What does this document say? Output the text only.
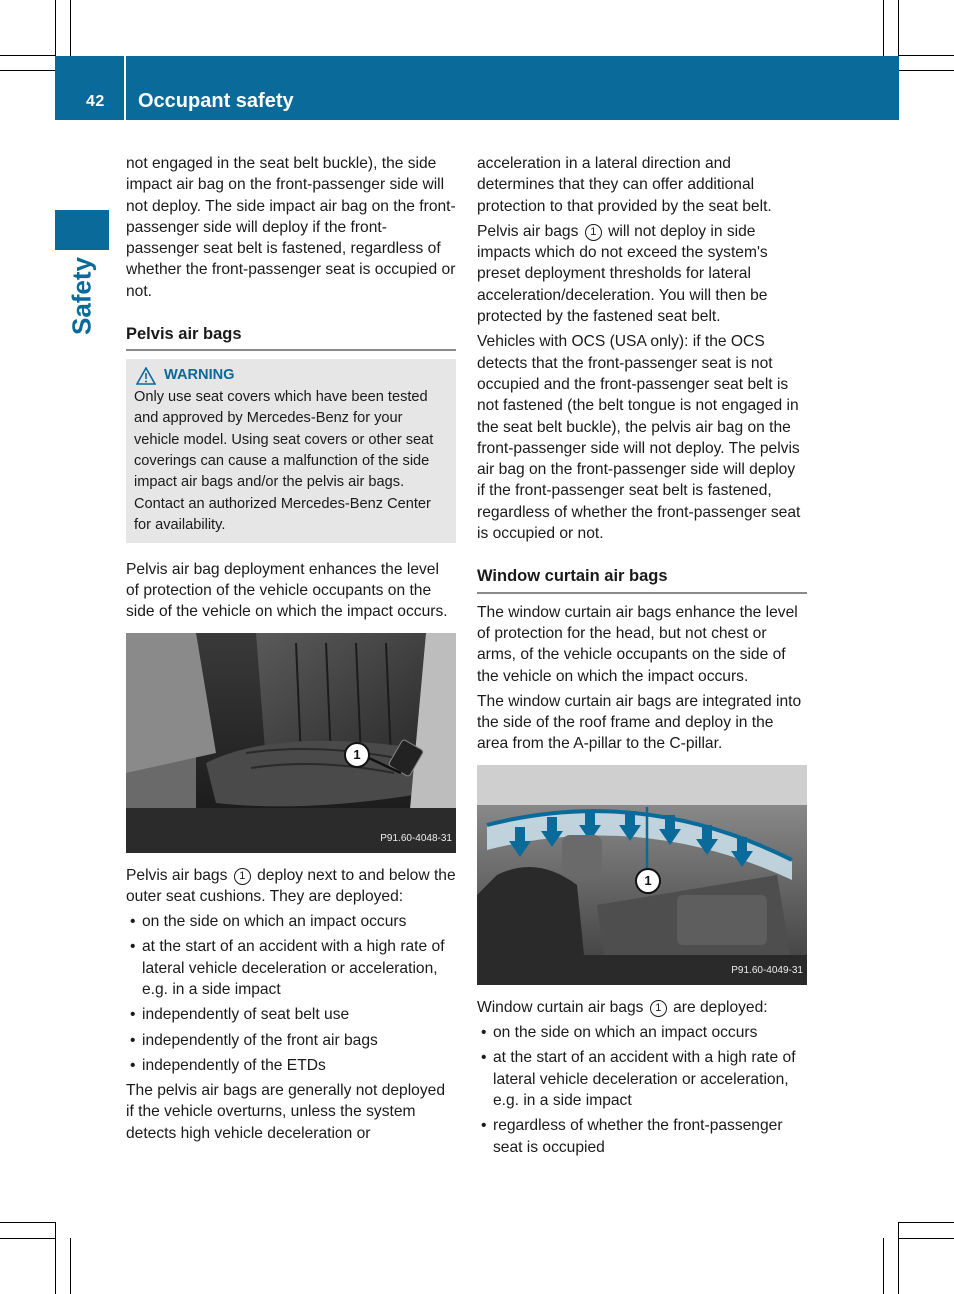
42 Occupant safety
Safety

not engaged in the seat belt buckle), the side impact air bag on the front-passenger side will not deploy. The side impact air bag on the front-passenger side will deploy if the front-passenger seat belt is fastened, regardless of whether the front-passenger seat is occupied or not.

Pelvis air bags
WARNING
Only use seat covers which have been tested and approved by Mercedes-Benz for your vehicle model. Using seat covers or other seat coverings can cause a malfunction of the side impact air bags and/or the pelvis air bags. Contact an authorized Mercedes-Benz Center for availability.

Pelvis air bag deployment enhances the level of protection of the vehicle occupants on the side of the vehicle on which the impact occurs.

1
P91.60-4048-31

Pelvis air bags 1 deploy next to and below the outer seat cushions. They are deployed:

• on the side on which an impact occurs
• at the start of an accident with a high rate of lateral vehicle deceleration or acceleration, e.g. in a side impact
• independently of seat belt use
• independently of the front air bags
• independently of the ETDs

The pelvis air bags are generally not deployed if the vehicle overturns, unless the system detects high vehicle deceleration or

acceleration in a lateral direction and determines that they can offer additional protection to that provided by the seat belt.

Pelvis air bags 1 will not deploy in side impacts which do not exceed the system's preset deployment thresholds for lateral acceleration/deceleration. You will then be protected by the fastened seat belt.

Vehicles with OCS (USA only): if the OCS detects that the front-passenger seat is not occupied and the front-passenger seat belt is not fastened (the belt tongue is not engaged in the seat belt buckle), the pelvis air bag on the front-passenger side will not deploy. The pelvis air bag on the front-passenger side will deploy if the front-passenger seat belt is fastened, regardless of whether the front-passenger seat is occupied or not.

Window curtain air bags

The window curtain air bags enhance the level of protection for the head, but not chest or arms, of the vehicle occupants on the side of the vehicle on which the impact occurs.

The window curtain air bags are integrated into the side of the roof frame and deploy in the area from the A-pillar to the C-pillar.

1
P91.60-4049-31

Window curtain air bags 1 are deployed:

• on the side on which an impact occurs
• at the start of an accident with a high rate of lateral vehicle deceleration or acceleration, e.g. in a side impact
• regardless of whether the front-passenger seat is occupied
